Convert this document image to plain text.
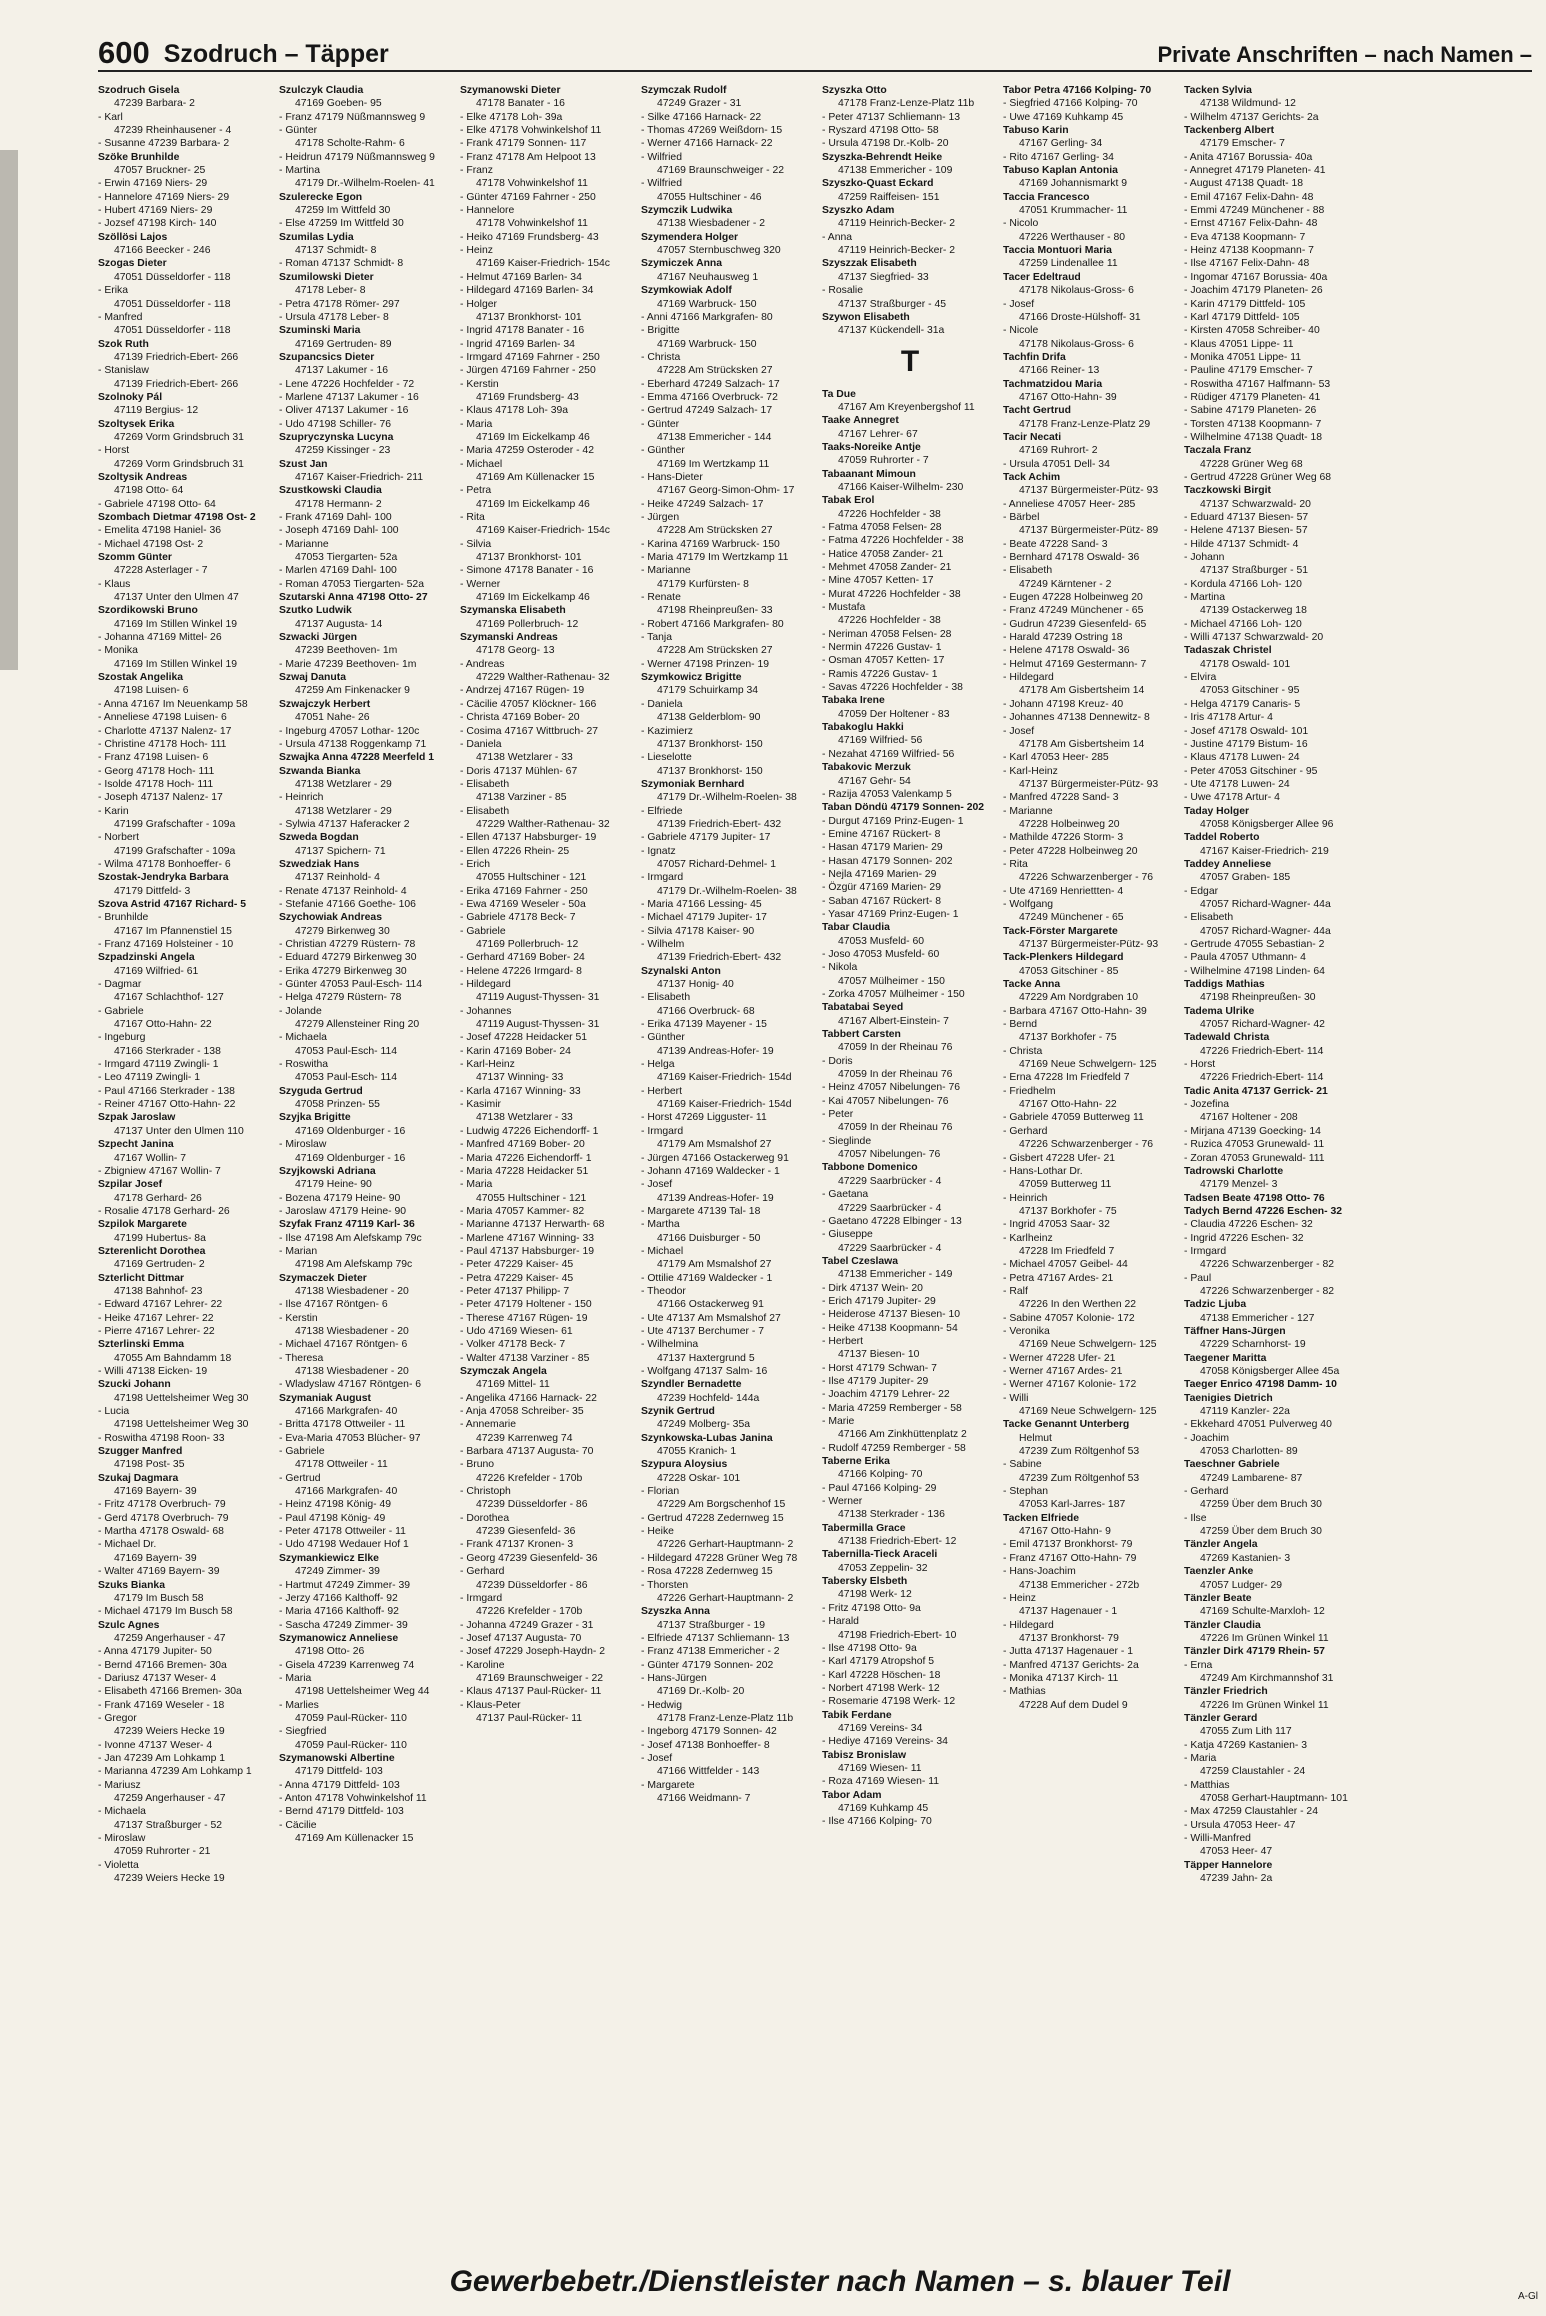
600 Szodruch – Täpper	Private Anschriften – nach Namen –
Szodruch Gisela
47239 Barbara- 2
- Karl
47239 Rheinhausener - 4
- Susanne 47239 Barbara- 2
Szöke Brunhilde
47057 Bruckner- 25
- Erwin 47169 Niers- 29
- Hannelore 47169 Niers- 29
- Hubert 47169 Niers- 29
- Jozsef 47198 Kirch- 140
Szöllösi Lajos
47166 Beecker - 246
Szogas Dieter
47051 Düsseldorfer - 118
- Erika
47051 Düsseldorfer - 118
- Manfred
47051 Düsseldorfer - 118
Szok Ruth
47139 Friedrich-Ebert- 266
- Stanislaw
47139 Friedrich-Ebert- 266
Szolnoky Pál
47119 Bergius- 12
Szoltysek Erika
47269 Vorm Grindsbruch 31
- Horst
47269 Vorm Grindsbruch 31
Szoltysik Andreas
47198 Otto- 64
- Gabriele 47198 Otto- 64
Szombach Dietmar 47198 Ost- 2
- Emelita 47198 Haniel- 36
- Michael 47198 Ost- 2
Szomm Günter
47228 Asterlager - 7
- Klaus
47137 Unter den Ulmen 47
Szordikowski Bruno
47169 Im Stillen Winkel 19
- Johanna 47169 Mittel- 26
- Monika
47169 Im Stillen Winkel 19
Szostak Angelika
47198 Luisen- 6
- Anna 47167 Im Neuenkamp 58
- Anneliese 47198 Luisen- 6
- Charlotte 47137 Nalenz- 17
- Christine 47178 Hoch- 111
- Franz 47198 Luisen- 6
- Georg 47178 Hoch- 111
- Isolde 47178 Hoch- 111
- Joseph 47137 Nalenz- 17
- Karin
47199 Grafschafter - 109a
- Norbert
47199 Grafschafter - 109a
- Wilma 47178 Bonhoeffer- 6
Szostak-Jendryka Barbara
47179 Dittfeld- 3
Szova Astrid 47167 Richard- 5
- Brunhilde
47167 Im Pfannenstiel 15
- Franz 47169 Holsteiner - 10
Szpadzinski Angela
47169 Wilfried- 61
- Dagmar
47167 Schlachthof- 127
- Gabriele
47167 Otto-Hahn- 22
- Ingeburg
47166 Sterkrader - 138
- Irmgard 47119 Zwingli- 1
- Leo 47119 Zwingli- 1
- Paul 47166 Sterkrader - 138
- Reiner 47167 Otto-Hahn- 22
Szpak Jaroslaw
47137 Unter den Ulmen 110
Szpecht Janina
47167 Wollin- 7
- Zbigniew 47167 Wollin- 7
Szpilar Josef
47178 Gerhard- 26
- Rosalie 47178 Gerhard- 26
Szpilok Margarete
47199 Hubertus- 8a
Szterenlicht Dorothea
47169 Gertruden- 2
Szterlicht Dittmar
47138 Bahnhof- 23
- Edward 47167 Lehrer- 22
- Heike 47167 Lehrer- 22
- Pierre 47167 Lehrer- 22
Szterlinski Emma
47055 Am Bahndamm 18
- Willi 47138 Eicken- 19
Szucki Johann
47198 Uettelsheimer Weg 30
- Lucia
47198 Uettelsheimer Weg 30
- Roswitha 47198 Roon- 33
Szugger Manfred
47198 Post- 35
Szukaj Dagmara
47169 Bayern- 39
- Fritz 47178 Overbruch- 79
- Gerd 47178 Overbruch- 79
- Martha 47178 Oswald- 68
- Michael Dr.
47169 Bayern- 39
- Walter 47169 Bayern- 39
Szuks Bianka
47179 Im Busch 58
- Michael 47179 Im Busch 58
Szulc Agnes
47259 Angerhauser - 47
- Anna 47179 Jupiter- 50
- Bernd 47166 Bremen- 30a
- Dariusz 47137 Weser- 4
- Elisabeth 47166 Bremen- 30a
- Frank 47169 Weseler - 18
- Gregor
47239 Weiers Hecke 19
- Ivonne 47137 Weser- 4
- Jan 47239 Am Lohkamp 1
- Marianna 47239 Am Lohkamp 1
- Mariusz
47259 Angerhauser - 47
- Michaela
47137 Straßburger - 52
- Miroslaw
47059 Ruhrorter - 21
- Violetta
47239 Weiers Hecke 19
Szulczyk Claudia
47169 Goeben- 95
- Franz 47179 Nüßmannsweg 9
- Günter
47178 Scholte-Rahm- 6
- Heidrun 47179 Nüßmannsweg 9
- Martina
47179 Dr.-Wilhelm-Roelen- 41
Szulerecke Egon
47259 Im Wittfeld 30
- Else 47259 Im Wittfeld 30
Szumilas Lydia
47137 Schmidt- 8
- Roman 47137 Schmidt- 8
Szumilowski Dieter
47178 Leber- 8
- Petra 47178 Römer- 297
- Ursula 47178 Leber- 8
Szuminski Maria
47169 Gertruden- 89
Szupancsics Dieter
47137 Lakumer - 16
- Lene 47226 Hochfelder - 72
- Marlene 47137 Lakumer - 16
- Oliver 47137 Lakumer - 16
- Udo 47198 Schiller- 76
Szupryczynska Lucyna
47259 Kissinger - 23
Szust Jan
47167 Kaiser-Friedrich- 211
Szustkowski Claudia
47178 Hermann- 2
- Frank 47169 Dahl- 100
- Joseph 47169 Dahl- 100
- Marianne
47053 Tiergarten- 52a
- Marlen 47169 Dahl- 100
- Roman 47053 Tiergarten- 52a
Szutarski Anna 47198 Otto- 27
Szutko Ludwik
47137 Augusta- 14
Szwacki Jürgen
47239 Beethoven- 1m
- Marie 47239 Beethoven- 1m
Szwaj Danuta
47259 Am Finkenacker 9
Szwajczyk Herbert
47051 Nahe- 26
- Ingeburg 47057 Lothar- 120c
- Ursula 47138 Roggenkamp 71
Szwajka Anna 47228 Meerfeld 1
Szwanda Bianka
47138 Wetzlarer - 29
- Heinrich
47138 Wetzlarer - 29
- Sylwia 47137 Haferacker 2
Szweda Bogdan
47137 Spichern- 71
Szwedziak Hans
47137 Reinhold- 4
- Renate 47137 Reinhold- 4
- Stefanie 47166 Goethe- 106
Szychowiak Andreas
47279 Birkenweg 30
- Christian 47279 Rüstern- 78
- Eduard 47279 Birkenweg 30
- Erika 47279 Birkenweg 30
- Günter 47053 Paul-Esch- 114
- Helga 47279 Rüstern- 78
- Jolande
47279 Allensteiner Ring 20
- Michaela
47053 Paul-Esch- 114
- Roswitha
47053 Paul-Esch- 114
Szyguda Gertrud
47058 Prinzen- 55
Szyjka Brigitte
47169 Oldenburger - 16
- Miroslaw
47169 Oldenburger - 16
Szyjkowski Adriana
47179 Heine- 90
- Bozena 47179 Heine- 90
- Jaroslaw 47179 Heine- 90
Szyfak Franz 47119 Karl- 36
- Ilse 47198 Am Alefskamp 79c
- Marian
47198 Am Alefskamp 79c
Szymaczek Dieter
47138 Wiesbadener - 20
- Ilse 47167 Röntgen- 6
- Kerstin
47138 Wiesbadener - 20
- Michael 47167 Röntgen- 6
- Theresa
47138 Wiesbadener - 20
- Wladyslaw 47167 Röntgen- 6
Szymaniak August
47166 Markgrafen- 40
- Britta 47178 Ottweiler - 11
- Eva-Maria 47053 Blücher- 97
- Gabriele
47178 Ottweiler - 11
- Gertrud
47166 Markgrafen- 40
- Heinz 47198 König- 49
- Paul 47198 König- 49
- Peter 47178 Ottweiler - 11
- Udo 47198 Wedauer Hof 1
Szymankiewicz Elke
47249 Zimmer- 39
- Hartmut 47249 Zimmer- 39
- Jerzy 47166 Kalthoff- 92
- Maria 47166 Kalthoff- 92
- Sascha 47249 Zimmer- 39
Szymanowicz Anneliese
47198 Otto- 26
- Gisela 47239 Karrenweg 74
- Maria
47198 Uettelsheimer Weg 44
- Marlies
47059 Paul-Rücker- 110
- Siegfried
47059 Paul-Rücker- 110
Szymanowski Albertine
47179 Dittfeld- 103
- Anna 47179 Dittfeld- 103
- Anton 47178 Vohwinkelshof 11
- Bernd 47179 Dittfeld- 103
- Cäcilie
47169 Am Küllenacker 15
Szymanowski Dieter
47178 Banater - 16
- Elke 47178 Loh- 39a
- Elke 47178 Vohwinkelshof 11
- Frank 47179 Sonnen- 117
- Franz 47178 Am Helpoot 13
- Franz
47178 Vohwinkelshof 11
- Günter 47169 Fahrner - 250
- Hannelore
47178 Vohwinkelshof 11
- Heiko 47169 Frundsberg- 43
- Heinz
47169 Kaiser-Friedrich- 154c
- Helmut 47169 Barlen- 34
- Hildegard 47169 Barlen- 34
- Holger
47137 Bronkhorst- 101
- Ingrid 47178 Banater - 16
- Ingrid 47169 Barlen- 34
- Irmgard 47169 Fahrner - 250
- Jürgen 47169 Fahrner - 250
- Kerstin
47169 Frundsberg- 43
- Klaus 47178 Loh- 39a
- Maria
47169 Im Eickelkamp 46
- Maria 47259 Osteroder - 42
- Michael
47169 Am Küllenacker 15
- Petra
47169 Im Eickelkamp 46
- Rita
47169 Kaiser-Friedrich- 154c
- Silvia
47137 Bronkhorst- 101
- Simone 47178 Banater - 16
- Werner
47169 Im Eickelkamp 46
Szymanska Elisabeth
47169 Pollerbruch- 12
Szymanski Andreas
47178 Georg- 13
- Andreas
47229 Walther-Rathenau- 32
- Andrzej 47167 Rügen- 19
- Cäcilie 47057 Klöckner- 166
- Christa 47169 Bober- 20
- Cosima 47167 Wittbruch- 27
- Daniela
47138 Wetzlarer - 33
- Doris 47137 Mühlen- 67
- Elisabeth
47138 Varziner - 85
- Elisabeth
47229 Walther-Rathenau- 32
- Ellen 47137 Habsburger- 19
- Ellen 47226 Rhein- 25
- Erich
47055 Hultschiner - 121
- Erika 47169 Fahrner - 250
- Ewa 47169 Weseler - 50a
- Gabriele 47178 Beck- 7
- Gabriele
47169 Pollerbruch- 12
- Gerhard 47169 Bober- 24
- Helene 47226 Irmgard- 8
- Hildegard
47119 August-Thyssen- 31
- Johannes
47119 August-Thyssen- 31
- Josef 47228 Heidacker 51
- Karin 47169 Bober- 24
- Karl-Heinz
47137 Winning- 33
- Karla 47167 Winning- 33
- Kasimir
47138 Wetzlarer - 33
- Ludwig 47226 Eichendorff- 1
- Manfred 47169 Bober- 20
- Maria 47226 Eichendorff- 1
- Maria 47228 Heidacker 51
- Maria
47055 Hultschiner - 121
- Maria 47057 Kammer- 82
- Marianne 47137 Herwarth- 68
- Marlene 47167 Winning- 33
- Paul 47137 Habsburger- 19
- Peter 47229 Kaiser- 45
- Petra 47229 Kaiser- 45
- Peter 47137 Philipp- 7
- Peter 47179 Holtener - 150
- Therese 47167 Rügen- 19
- Udo 47169 Wiesen- 61
- Volker 47178 Beck- 7
- Walter 47138 Varziner - 85
Szymczak Angela
47169 Mittel- 11
- Angelika 47166 Harnack- 22
- Anja 47058 Schreiber- 35
- Annemarie
47239 Karrenweg 74
- Barbara 47137 Augusta- 70
- Bruno
47226 Krefelder - 170b
- Christoph
47239 Düsseldorfer - 86
- Dorothea
47239 Giesenfeld- 36
- Frank 47137 Kronen- 3
- Georg 47239 Giesenfeld- 36
- Gerhard
47239 Düsseldorfer - 86
- Irmgard
47226 Krefelder - 170b
- Johanna 47249 Grazer - 31
- Josef 47137 Augusta- 70
- Josef 47229 Joseph-Haydn- 2
- Karoline
47169 Braunschweiger - 22
- Klaus 47137 Paul-Rücker- 11
- Klaus-Peter
47137 Paul-Rücker- 11
Szymczak Rudolf
47249 Grazer - 31
- Silke 47166 Harnack- 22
- Thomas 47269 Weißdorn- 15
- Werner 47166 Harnack- 22
- Wilfried
47169 Braunschweiger - 22
- Wilfried
47055 Hultschiner - 46
Szymczik Ludwika
47138 Wiesbadener - 2
Szymendera Holger
47057 Sternbuschweg 320
Szymiczek Anna
47167 Neuhausweg 1
Szymkowiak Adolf
47169 Warbruck- 150
- Anni 47166 Markgrafen- 80
- Brigitte
47169 Warbruck- 150
- Christa
47228 Am Strücksken 27
- Eberhard 47249 Salzach- 17
- Emma 47166 Overbruck- 72
- Gertrud 47249 Salzach- 17
- Günter
47138 Emmericher - 144
- Günther
47169 Im Wertzkamp 11
- Hans-Dieter
47167 Georg-Simon-Ohm- 17
- Heike 47249 Salzach- 17
- Jürgen
47228 Am Strücksken 27
- Karina 47169 Warbruck- 150
- Maria 47179 Im Wertzkamp 11
- Marianne
47179 Kurfürsten- 8
- Renate
47198 Rheinpreußen- 33
- Robert 47166 Markgrafen- 80
- Tanja
47228 Am Strücksken 27
- Werner 47198 Prinzen- 19
Szymkowicz Brigitte
47179 Schuirkamp 34
- Daniela
47138 Gelderblom- 90
- Kazimierz
47137 Bronkhorst- 150
- Lieselotte
47137 Bronkhorst- 150
Szymoniak Bernhard
47179 Dr.-Wilhelm-Roelen- 38
- Elfriede
47139 Friedrich-Ebert- 432
- Gabriele 47179 Jupiter- 17
- Ignatz
47057 Richard-Dehmel- 1
- Irmgard
47179 Dr.-Wilhelm-Roelen- 38
- Maria 47166 Lessing- 45
- Michael 47179 Jupiter- 17
- Silvia 47178 Kaiser- 90
- Wilhelm
47139 Friedrich-Ebert- 432
Szynalski Anton
47137 Honig- 40
- Elisabeth
47166 Overbruck- 68
- Erika 47139 Mayener - 15
- Günther
47139 Andreas-Hofer- 19
- Helga
47169 Kaiser-Friedrich- 154d
- Herbert
47169 Kaiser-Friedrich- 154d
- Horst 47269 Ligguster- 11
- Irmgard
47179 Am Msmalshof 27
- Jürgen 47166 Ostackerweg 91
- Johann 47169 Waldecker - 1
- Josef
47139 Andreas-Hofer- 19
- Margarete 47139 Tal- 18
- Martha
47166 Duisburger - 50
- Michael
47179 Am Msmalshof 27
- Ottilie 47169 Waldecker - 1
- Theodor
47166 Ostackerweg 91
- Ute 47137 Am Msmalshof 27
- Ute 47137 Berchumer - 7
- Wilhelmina
47137 Haxtergrund 5
- Wolfgang 47137 Salm- 16
Szyndler Bernadette
47239 Hochfeld- 144a
Szynik Gertrud
47249 Molberg- 35a
Szynkowska-Lubas Janina
47055 Kranich- 1
Szypura Aloysius
47228 Oskar- 101
- Florian
47229 Am Borgschenhof 15
- Gertrud 47228 Zedernweg 15
- Heike
47226 Gerhart-Hauptmann- 2
- Hildegard 47228 Grüner Weg 78
- Rosa 47228 Zedernweg 15
- Thorsten
47226 Gerhart-Hauptmann- 2
Szyszka Anna
47137 Straßburger - 19
- Elfriede 47137 Schliemann- 13
- Franz 47138 Emmericher - 2
- Günter 47179 Sonnen- 202
- Hans-Jürgen
47169 Dr.-Kolb- 20
- Hedwig
47178 Franz-Lenze-Platz 11b
- Ingeborg 47179 Sonnen- 42
- Josef 47138 Bonhoeffer- 8
- Josef
47166 Wittfelder - 143
- Margarete
47166 Weidmann- 7
Szyszka Otto
47178 Franz-Lenze-Platz 11b
- Peter 47137 Schliemann- 13
- Ryszard 47198 Otto- 58
- Ursula 47198 Dr.-Kolb- 20
Szyszka-Behrendt Heike
47138 Emmericher - 109
Szyszko-Quast Eckard
47259 Raiffeisen- 151
Szyszko Adam
47119 Heinrich-Becker- 2
- Anna
47119 Heinrich-Becker- 2
Szyszzak Elisabeth
47137 Siegfried- 33
- Rosalie
47137 Straßburger - 45
Szywon Elisabeth
47137 Kückendell- 31a
T
Ta Due
47167 Am Kreyenbergshof 11
Taake Annegret
47167 Lehrer- 67
Taaks-Noreike Antje
47059 Ruhrorter - 7
Tabaanant Mimoun
47166 Kaiser-Wilhelm- 230
Tabak Erol
47226 Hochfelder - 38
- Fatma 47058 Felsen- 28
- Fatma 47226 Hochfelder - 38
- Hatice 47058 Zander- 21
- Mehmet 47058 Zander- 21
- Mine 47057 Ketten- 17
- Murat 47226 Hochfelder - 38
- Mustafa
47226 Hochfelder - 38
- Neriman 47058 Felsen- 28
- Nermin 47226 Gustav- 1
- Osman 47057 Ketten- 17
- Ramis 47226 Gustav- 1
- Savas 47226 Hochfelder - 38
Tabaka Irene
47059 Der Holtener - 83
Tabakoglu Hakki
47169 Wilfried- 56
- Nezahat 47169 Wilfried- 56
Tabakovic Merzuk
47167 Gehr- 54
- Razija 47053 Valenkamp 5
Taban Döndü 47179 Sonnen- 202
- Durgut 47169 Prinz-Eugen- 1
- Emine 47167 Rückert- 8
- Hasan 47179 Marien- 29
- Hasan 47179 Sonnen- 202
- Nejla 47169 Marien- 29
- Özgür 47169 Marien- 29
- Saban 47167 Rückert- 8
- Yasar 47169 Prinz-Eugen- 1
Tabar Claudia
47053 Musfeld- 60
- Joso 47053 Musfeld- 60
- Nikola
47057 Mülheimer - 150
- Zorka 47057 Mülheimer - 150
Tabatabai Seyed
47167 Albert-Einstein- 7
Tabbert Carsten
47059 In der Rheinau 76
- Doris
47059 In der Rheinau 76
- Heinz 47057 Nibelungen- 76
- Kai 47057 Nibelungen- 76
- Peter
47059 In der Rheinau 76
- Sieglinde
47057 Nibelungen- 76
Tabbone Domenico
47229 Saarbrücker - 4
- Gaetana
47229 Saarbrücker - 4
- Gaetano 47228 Elbinger - 13
- Giuseppe
47229 Saarbrücker - 4
Tabel Czeslawa
47138 Emmericher - 149
- Dirk 47137 Wein- 20
- Erich 47179 Jupiter- 29
- Heiderose 47137 Biesen- 10
- Heike 47138 Koopmann- 54
- Herbert
47137 Biesen- 10
- Horst 47179 Schwan- 7
- Ilse 47179 Jupiter- 29
- Joachim 47179 Lehrer- 22
- Maria 47259 Remberger - 58
- Marie
47166 Am Zinkhüttenplatz 2
- Rudolf 47259 Remberger - 58
Taberne Erika
47166 Kolping- 70
- Paul 47166 Kolping- 29
- Werner
47138 Sterkrader - 136
Tabermilla Grace
47138 Friedrich-Ebert- 12
Tabernilla-Tieck Araceli
47053 Zeppelin- 32
Tabersky Elsbeth
47198 Werk- 12
- Fritz 47198 Otto- 9a
- Harald
47198 Friedrich-Ebert- 10
- Ilse 47198 Otto- 9a
- Karl 47179 Atropshof 5
- Karl 47228 Höschen- 18
- Norbert 47198 Werk- 12
- Rosemarie 47198 Werk- 12
Tabik Ferdane
47169 Vereins- 34
- Hediye 47169 Vereins- 34
Tabisz Bronislaw
47169 Wiesen- 11
- Roza 47169 Wiesen- 11
Tabor Adam
47169 Kuhkamp 45
- Ilse 47166 Kolping- 70
Tabor Petra 47166 Kolping- 70
- Siegfried 47166 Kolping- 70
- Uwe 47169 Kuhkamp 45
Tabuso Karin
47167 Gerling- 34
- Rito 47167 Gerling- 34
Tabuso Kaplan Antonia
47169 Johannismarkt 9
Taccia Francesco
47051 Krummacher- 11
- Nicolo
47226 Werthauser - 80
Taccia Montuori Maria
47259 Lindenallee 11
Tacer Edeltraud
47178 Nikolaus-Gross- 6
- Josef
47166 Droste-Hülshoff- 31
- Nicole
47178 Nikolaus-Gross- 6
Tachfin Drifa
47166 Reiner- 13
Tachmatzidou Maria
47167 Otto-Hahn- 39
Tacht Gertrud
47178 Franz-Lenze-Platz 29
Tacir Necati
47169 Ruhrort- 2
- Ursula 47051 Dell- 34
Tack Achim
47137 Bürgermeister-Pütz- 93
- Anneliese 47057 Heer- 285
- Bärbel
47137 Bürgermeister-Pütz- 89
- Beate 47228 Sand- 3
- Bernhard 47178 Oswald- 36
- Elisabeth
47249 Kärntener - 2
- Eugen 47228 Holbeinweg 20
- Franz 47249 Münchener - 65
- Gudrun 47239 Giesenfeld- 65
- Harald 47239 Ostring 18
- Helene 47178 Oswald- 36
- Helmut 47169 Gestermann- 7
- Hildegard
47178 Am Gisbertsheim 14
- Johann 47198 Kreuz- 40
- Johannes 47138 Dennewitz- 8
- Josef
47178 Am Gisbertsheim 14
- Karl 47053 Heer- 285
- Karl-Heinz
47137 Bürgermeister-Pütz- 93
- Manfred 47228 Sand- 3
- Marianne
47228 Holbeinweg 20
- Mathilde 47226 Storm- 3
- Peter 47228 Holbeinweg 20
- Rita
47226 Schwarzenberger - 76
- Ute 47169 Henriettten- 4
- Wolfgang
47249 Münchener - 65
Tack-Förster Margarete
47137 Bürgermeister-Pütz- 93
Tack-Plenkers Hildegard
47053 Gitschiner - 85
Tacke Anna
47229 Am Nordgraben 10
- Barbara 47167 Otto-Hahn- 39
- Bernd
47137 Borkhofer - 75
- Christa
47169 Neue Schwelgern- 125
- Erna 47228 Im Friedfeld 7
- Friedhelm
47167 Otto-Hahn- 22
- Gabriele 47059 Butterweg 11
- Gerhard
47226 Schwarzenberger - 76
- Gisbert 47228 Ufer- 21
- Hans-Lothar Dr.
47059 Butterweg 11
- Heinrich
47137 Borkhofer - 75
- Ingrid 47053 Saar- 32
- Karlheinz
47228 Im Friedfeld 7
- Michael 47057 Geibel- 44
- Petra 47167 Ardes- 21
- Ralf
47226 In den Werthen 22
- Sabine 47057 Kolonie- 172
- Veronika
47169 Neue Schwelgern- 125
- Werner 47228 Ufer- 21
- Werner 47167 Ardes- 21
- Werner 47167 Kolonie- 172
- Willi
47169 Neue Schwelgern- 125
Tacke Genannt Unterberg
Helmut
47239 Zum Röltgenhof 53
- Sabine
47239 Zum Röltgenhof 53
- Stephan
47053 Karl-Jarres- 187
Tacken Elfriede
47167 Otto-Hahn- 9
- Emil 47137 Bronkhorst- 79
- Franz 47167 Otto-Hahn- 79
- Hans-Joachim
47138 Emmericher - 272b
- Heinz
47137 Hagenauer - 1
- Hildegard
47137 Bronkhorst- 79
- Jutta 47137 Hagenauer - 1
- Manfred 47137 Gerichts- 2a
- Monika 47137 Kirch- 11
- Mathias
47228 Auf dem Dudel 9
Tacken Sylvia
47138 Wildmund- 12
- Wilhelm 47137 Gerichts- 2a
Tackenberg Albert
47179 Emscher- 7
- Anita 47167 Borussia- 40a
- Annegret 47179 Planeten- 41
- August 47138 Quadt- 18
- Emil 47167 Felix-Dahn- 48
- Emmi 47249 Münchener - 88
- Ernst 47167 Felix-Dahn- 48
- Eva 47138 Koopmann- 7
- Heinz 47138 Koopmann- 7
- Ilse 47167 Felix-Dahn- 48
- Ingomar 47167 Borussia- 40a
- Joachim 47179 Planeten- 26
- Karin 47179 Dittfeld- 105
- Karl 47179 Dittfeld- 105
- Kirsten 47058 Schreiber- 40
- Klaus 47051 Lippe- 11
- Monika 47051 Lippe- 11
- Pauline 47179 Emscher- 7
- Roswitha 47167 Halfmann- 53
- Rüdiger 47179 Planeten- 41
- Sabine 47179 Planeten- 26
- Torsten 47138 Koopmann- 7
- Wilhelmine 47138 Quadt- 18
Taczala Franz
47228 Grüner Weg 68
- Gertrud 47228 Grüner Weg 68
Taczkowski Birgit
47137 Schwarzwald- 20
- Eduard 47137 Biesen- 57
- Helene 47137 Biesen- 57
- Hilde 47137 Schmidt- 4
- Johann
47137 Straßburger - 51
- Kordula 47166 Loh- 120
- Martina
47139 Ostackerweg 18
- Michael 47166 Loh- 120
- Willi 47137 Schwarzwald- 20
Tadaszak Christel
47178 Oswald- 101
- Elvira
47053 Gitschiner - 95
- Helga 47179 Canaris- 5
- Iris 47178 Artur- 4
- Josef 47178 Oswald- 101
- Justine 47179 Bistum- 16
- Klaus 47178 Luwen- 24
- Peter 47053 Gitschiner - 95
- Ute 47178 Luwen- 24
- Uwe 47178 Artur- 4
Taday Holger
47058 Königsberger Allee 96
Taddel Roberto
47167 Kaiser-Friedrich- 219
Taddey Anneliese
47057 Graben- 185
- Edgar
47057 Richard-Wagner- 44a
- Elisabeth
47057 Richard-Wagner- 44a
- Gertrude 47055 Sebastian- 2
- Paula 47057 Uthmann- 4
- Wilhelmine 47198 Linden- 64
Taddigs Mathias
47198 Rheinpreußen- 30
Tadema Ulrike
47057 Richard-Wagner- 42
Tadewald Christa
47226 Friedrich-Ebert- 114
- Horst
47226 Friedrich-Ebert- 114
Tadic Anita 47137 Gerrick- 21
- Jozefina
47167 Holtener - 208
- Mirjana 47139 Goecking- 14
- Ruzica 47053 Grunewald- 11
- Zoran 47053 Grunewald- 111
Tadrowski Charlotte
47179 Menzel- 3
Tadsen Beate 47198 Otto- 76
Tadych Bernd 47226 Eschen- 32
- Claudia 47226 Eschen- 32
- Ingrid 47226 Eschen- 32
- Irmgard
47226 Schwarzenberger - 82
- Paul
47226 Schwarzenberger - 82
Tadzic Ljuba
47138 Emmericher - 127
Täffner Hans-Jürgen
47229 Scharnhorst- 19
Taegener Maritta
47058 Königsberger Allee 45a
Taeger Enrico 47198 Damm- 10
Taenigies Dietrich
47119 Kanzler- 22a
- Ekkehard 47051 Pulverweg 40
- Joachim
47053 Charlotten- 89
Taeschner Gabriele
47249 Lambarene- 87
- Gerhard
47259 Über dem Bruch 30
- Ilse
47259 Über dem Bruch 30
Tänzler Angela
47269 Kastanien- 3
Taenzler Anke
47057 Ludger- 29
Tänzler Beate
47169 Schulte-Marxloh- 12
Tänzler Claudia
47226 Im Grünen Winkel 11
Tänzler Dirk 47179 Rhein- 57
- Erna
47249 Am Kirchmannshof 31
Tänzler Friedrich
47226 Im Grünen Winkel 11
Tänzler Gerard
47055 Zum Lith 117
- Katja 47269 Kastanien- 3
- Maria
47259 Claustahler - 24
- Matthias
47058 Gerhart-Hauptmann- 101
- Max 47259 Claustahler - 24
- Ursula 47053 Heer- 47
- Willi-Manfred
47053 Heer- 47
Täpper Hannelore
47239 Jahn- 2a
Gewerbebetr./Dienstleister nach Namen – s. blauer Teil	A-Gl
